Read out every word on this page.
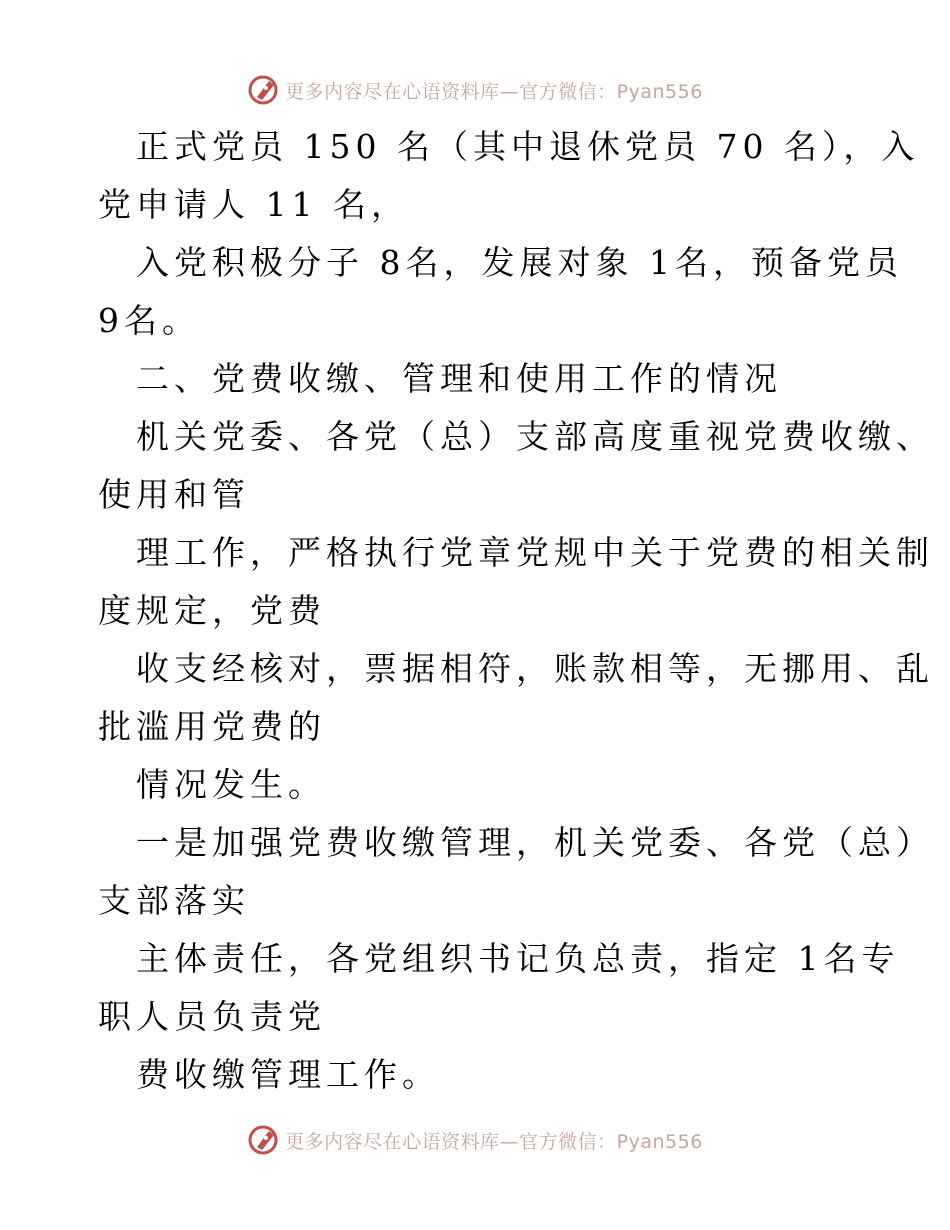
更多内容尽在心语资料库—官方微信：Pyan556
正式党员 150 名（其中退休党员 70 名），入
党申请人 11 名，
入党积极分子 8名，发展对象 1名，预备党员
9名。
二、党费收缴、管理和使用工作的情况
机关党委、各党（总）支部高度重视党费收缴、
使用和管
理工作，严格执行党章党规中关于党费的相关制
度规定，党费
收支经核对，票据相符，账款相等，无挪用、乱
批滥用党费的
情况发生。
一是加强党费收缴管理，机关党委、各党（总）
支部落实
主体责任，各党组织书记负总责，指定 1名专
职人员负责党
费收缴管理工作。
更多内容尽在心语资料库—官方微信：Pyan556
